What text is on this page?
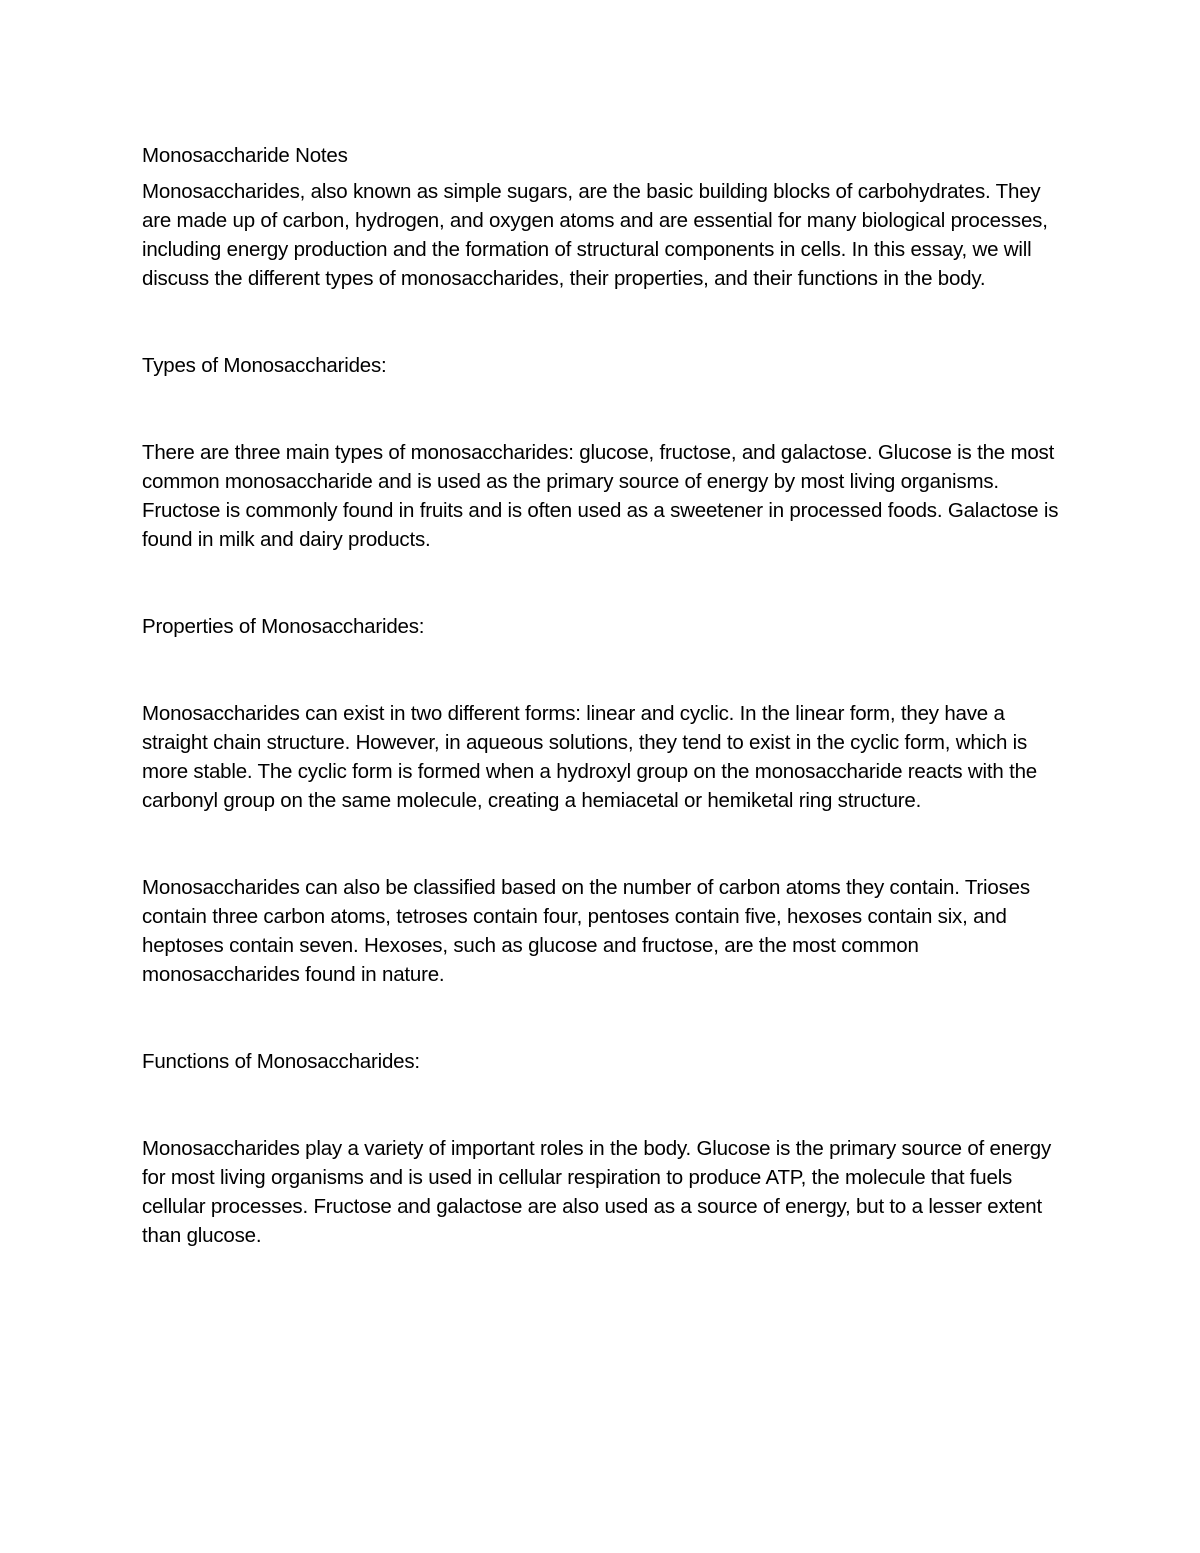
Monosaccharide Notes

Monosaccharides, also known as simple sugars, are the basic building blocks of carbohydrates. They are made up of carbon, hydrogen, and oxygen atoms and are essential for many biological processes, including energy production and the formation of structural components in cells. In this essay, we will discuss the different types of monosaccharides, their properties, and their functions in the body.

Types of Monosaccharides:

There are three main types of monosaccharides: glucose, fructose, and galactose. Glucose is the most common monosaccharide and is used as the primary source of energy by most living organisms. Fructose is commonly found in fruits and is often used as a sweetener in processed foods. Galactose is found in milk and dairy products.

Properties of Monosaccharides:

Monosaccharides can exist in two different forms: linear and cyclic. In the linear form, they have a straight chain structure. However, in aqueous solutions, they tend to exist in the cyclic form, which is more stable. The cyclic form is formed when a hydroxyl group on the monosaccharide reacts with the carbonyl group on the same molecule, creating a hemiacetal or hemiketal ring structure.

Monosaccharides can also be classified based on the number of carbon atoms they contain. Trioses contain three carbon atoms, tetroses contain four, pentoses contain five, hexoses contain six, and heptoses contain seven. Hexoses, such as glucose and fructose, are the most common monosaccharides found in nature.

Functions of Monosaccharides:

Monosaccharides play a variety of important roles in the body. Glucose is the primary source of energy for most living organisms and is used in cellular respiration to produce ATP, the molecule that fuels cellular processes. Fructose and galactose are also used as a source of energy, but to a lesser extent than glucose.
